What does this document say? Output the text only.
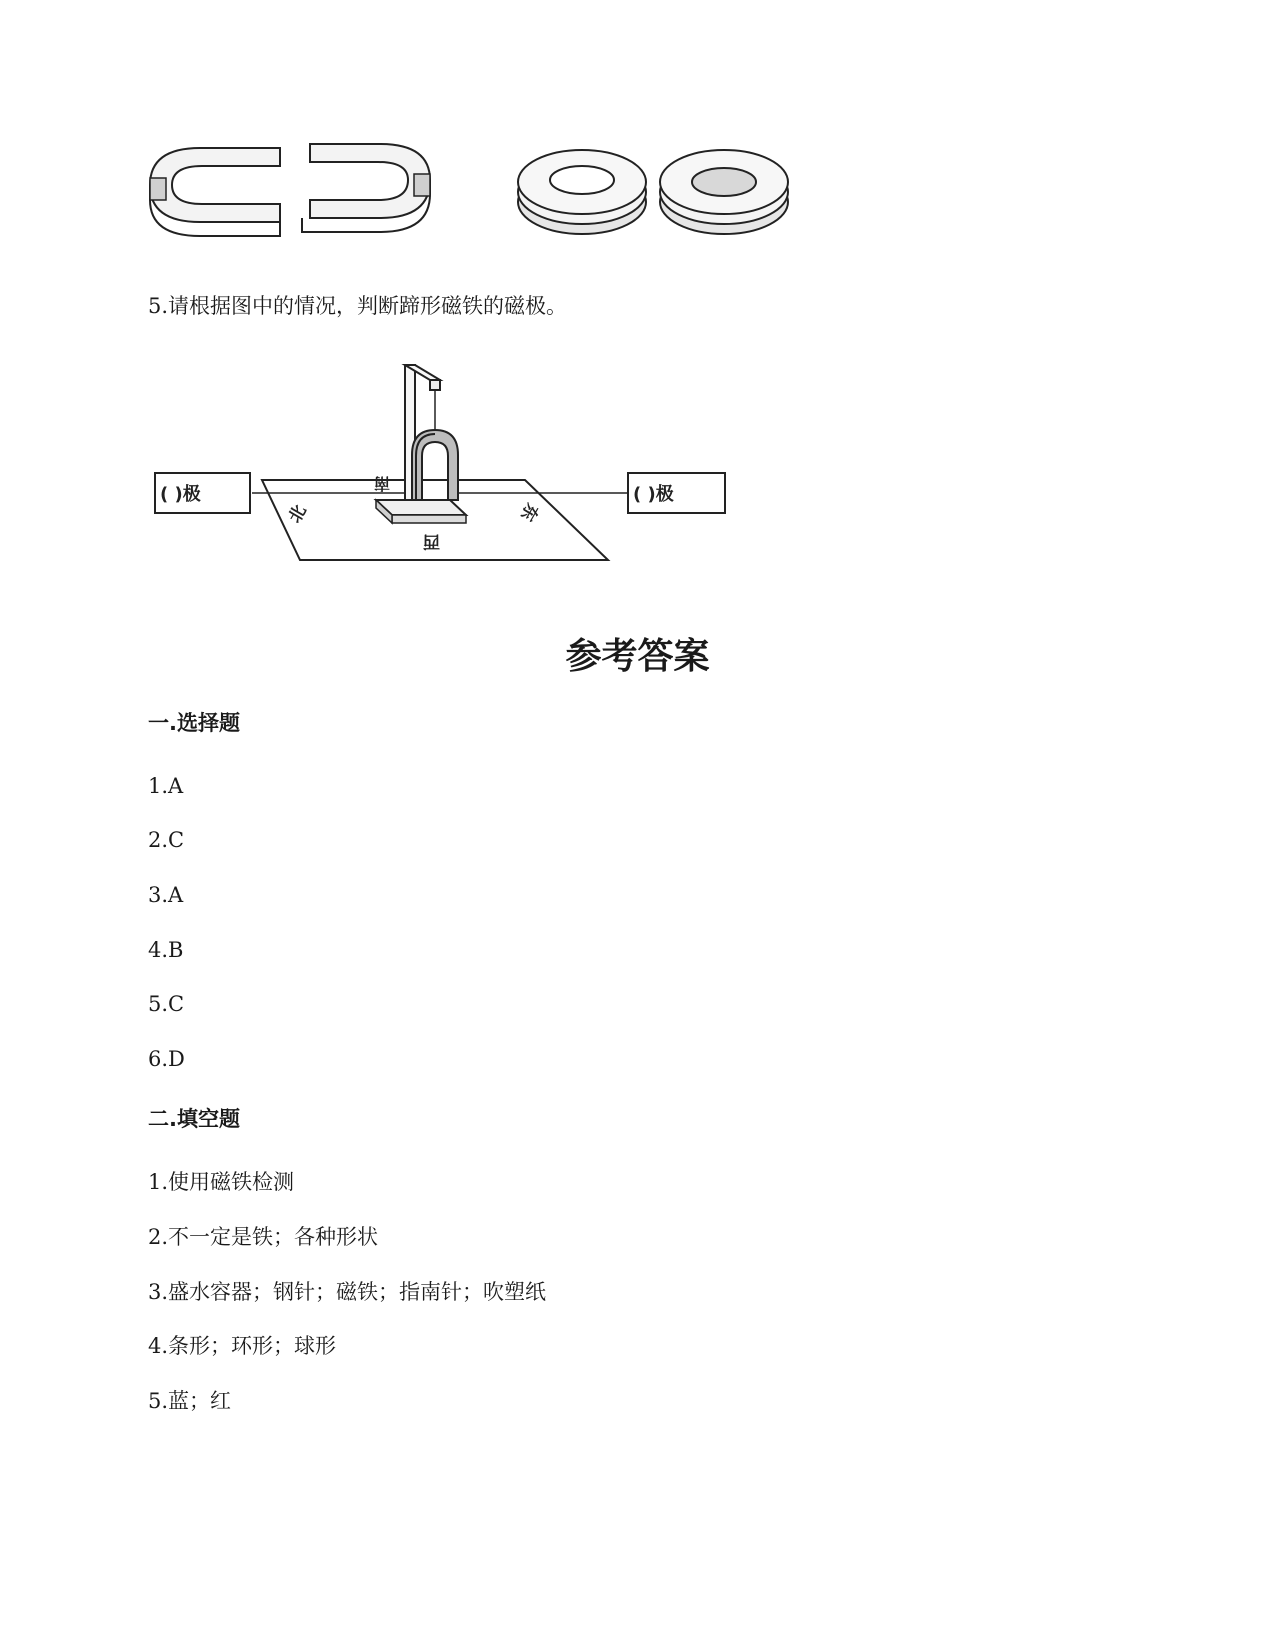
5.请根据图中的情况，判断蹄形磁铁的磁极。
( )极	( )极
北
南
西
东
参考答案
一.选择题
1.A
2.C
3.A
4.B
5.C
6.D
二.填空题
1.使用磁铁检测
2.不一定是铁；各种形状
3.盛水容器；钢针；磁铁；指南针；吹塑纸
4.条形；环形；球形
5.蓝；红
